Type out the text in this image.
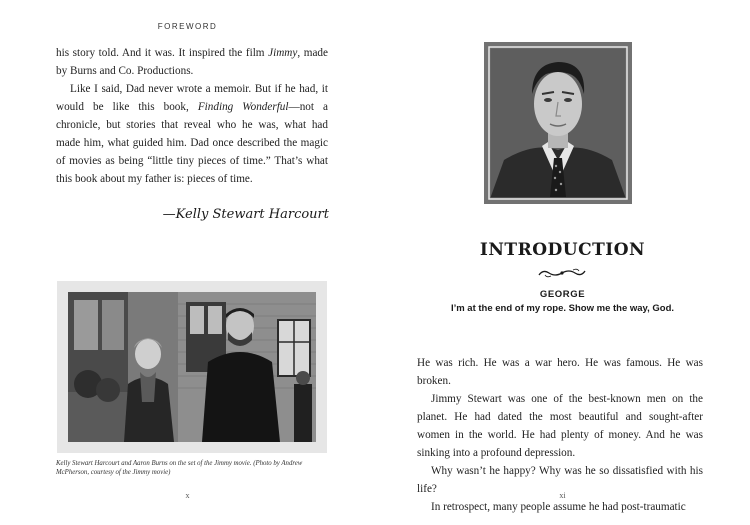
FOREWORD

his story told. And it was. It inspired the film Jimmy, made by Burns and Co. Productions.

Like I said, Dad never wrote a memoir. But if he had, it would be like this book, Finding Wonderful—not a chronicle, but stories that reveal who he was, what had made him, what guided him. Dad once described the magic of movies as being “little tiny pieces of time.” That’s what this book about my father is: pieces of time.

—Kelly Stewart Harcourt
Kelly Stewart Harcourt and Aaron Burns on the set of the Jimmy movie. (Photo by Andrew McPherson, courtesy of the Jimmy movie)
x
INTRODUCTION
GEORGE
I’m at the end of my rope. Show me the way, God.

He was rich. He was a war hero. He was famous. He was broken.

Jimmy Stewart was one of the best-known men on the planet. He had dated the most beautiful and sought-after women in the world. He had plenty of money. And he was sinking into a profound depression.

Why wasn’t he happy? Why was he so dissatisfied with his life?

In retrospect, many people assume he had post-traumatic

xi
